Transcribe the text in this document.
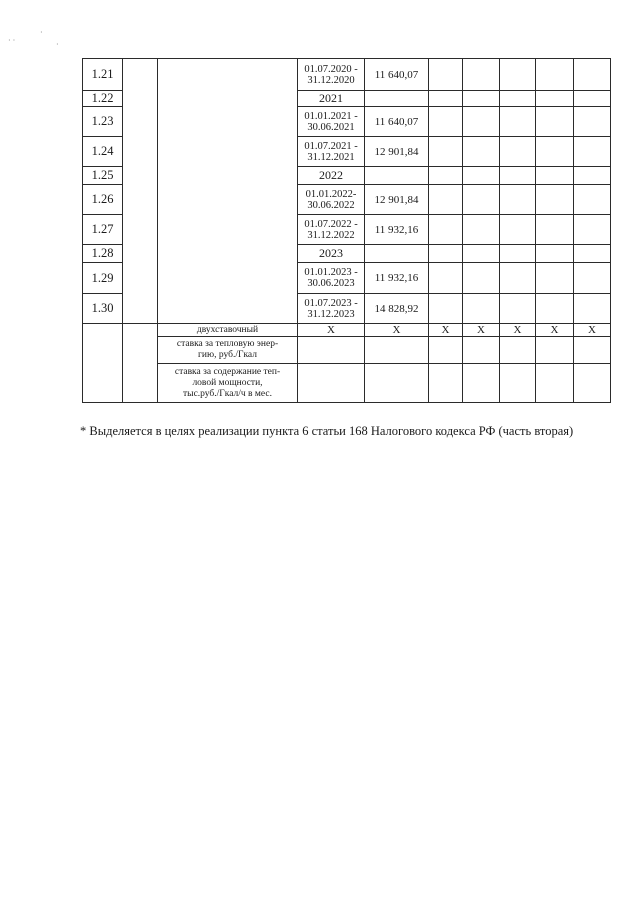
· ·
·
·
1.21			01.07.2020 -
31.12.2020	11 640,07					
1.22			2021						
1.23			01.01.2021 -
30.06.2021	11 640,07					
1.24			01.07.2021 -
31.12.2021	12 901,84					
1.25			2022						
1.26			01.01.2022-
30.06.2022	12 901,84					
1.27			01.07.2022 -
31.12.2022	11 932,16					
1.28			2023						
1.29			01.01.2023 -
30.06.2023	11 932,16					
1.30			01.07.2023 -
31.12.2023	14 828,92					
		двухставочный	X	X	X	X	X	X	X

		ставка за тепловую энер-
гию, руб./Гкал							

		ставка за содержание теп-
ловой мощности,
тыс.руб./Гкал/ч в мес.							

* Выделяется в целях реализации пункта 6 статьи 168 Налогового кодекса РФ (часть вторая)
